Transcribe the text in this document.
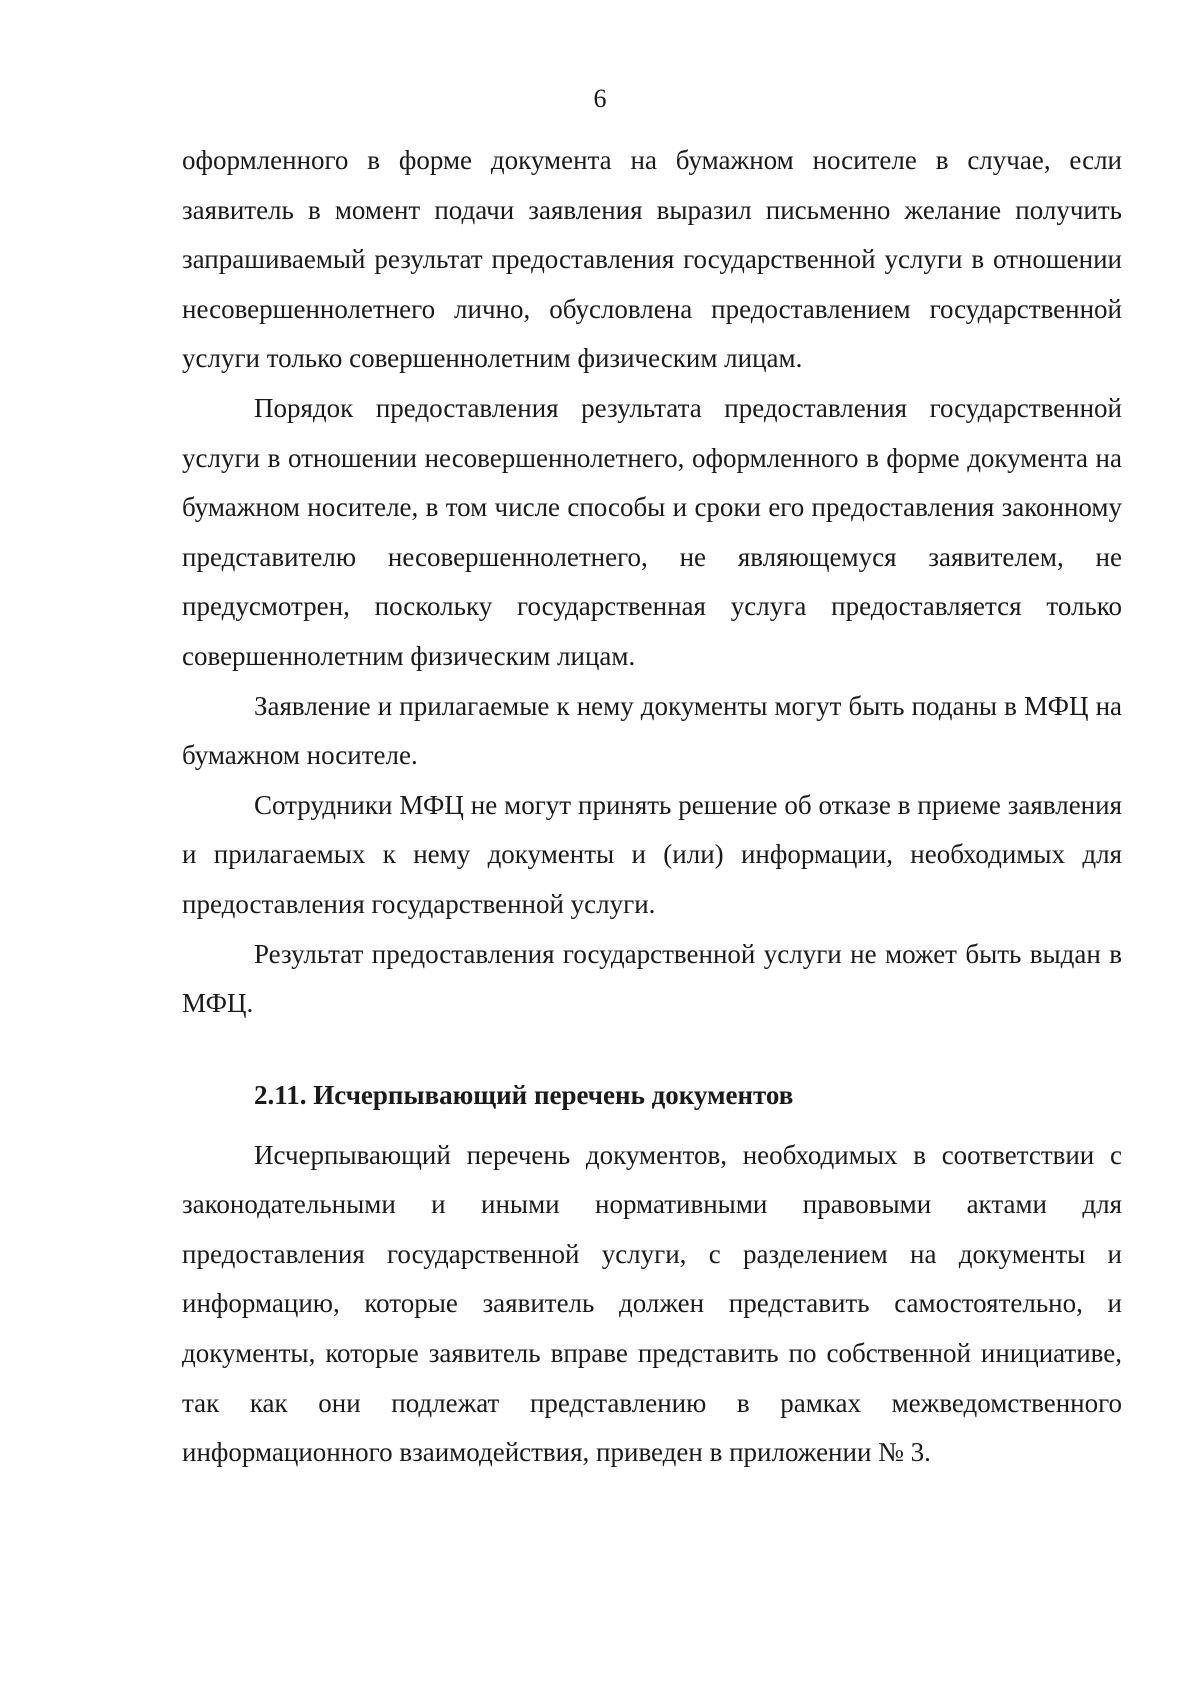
6

оформленного в форме документа на бумажном носителе в случае, если заявитель в момент подачи заявления выразил письменно желание получить запрашиваемый результат предоставления государственной услуги в отношении несовершеннолетнего лично, обусловлена предоставлением государственной услуги только совершеннолетним физическим лицам.

Порядок предоставления результата предоставления государственной услуги в отношении несовершеннолетнего, оформленного в форме документа на бумажном носителе, в том числе способы и сроки его предоставления законному представителю несовершеннолетнего, не являющемуся заявителем, не предусмотрен, поскольку государственная услуга предоставляется только совершеннолетним физическим лицам.

Заявление и прилагаемые к нему документы могут быть поданы в МФЦ на бумажном носителе.

Сотрудники МФЦ не могут принять решение об отказе в приеме заявления и прилагаемых к нему документы и (или) информации, необходимых для предоставления государственной услуги.

Результат предоставления государственной услуги не может быть выдан в МФЦ.

2.11. Исчерпывающий перечень документов

Исчерпывающий перечень документов, необходимых в соответствии с законодательными и иными нормативными правовыми актами для предоставления государственной услуги, с разделением на документы и информацию, которые заявитель должен представить самостоятельно, и документы, которые заявитель вправе представить по собственной инициативе, так как они подлежат представлению в рамках межведомственного информационного взаимодействия, приведен в приложении № 3.
